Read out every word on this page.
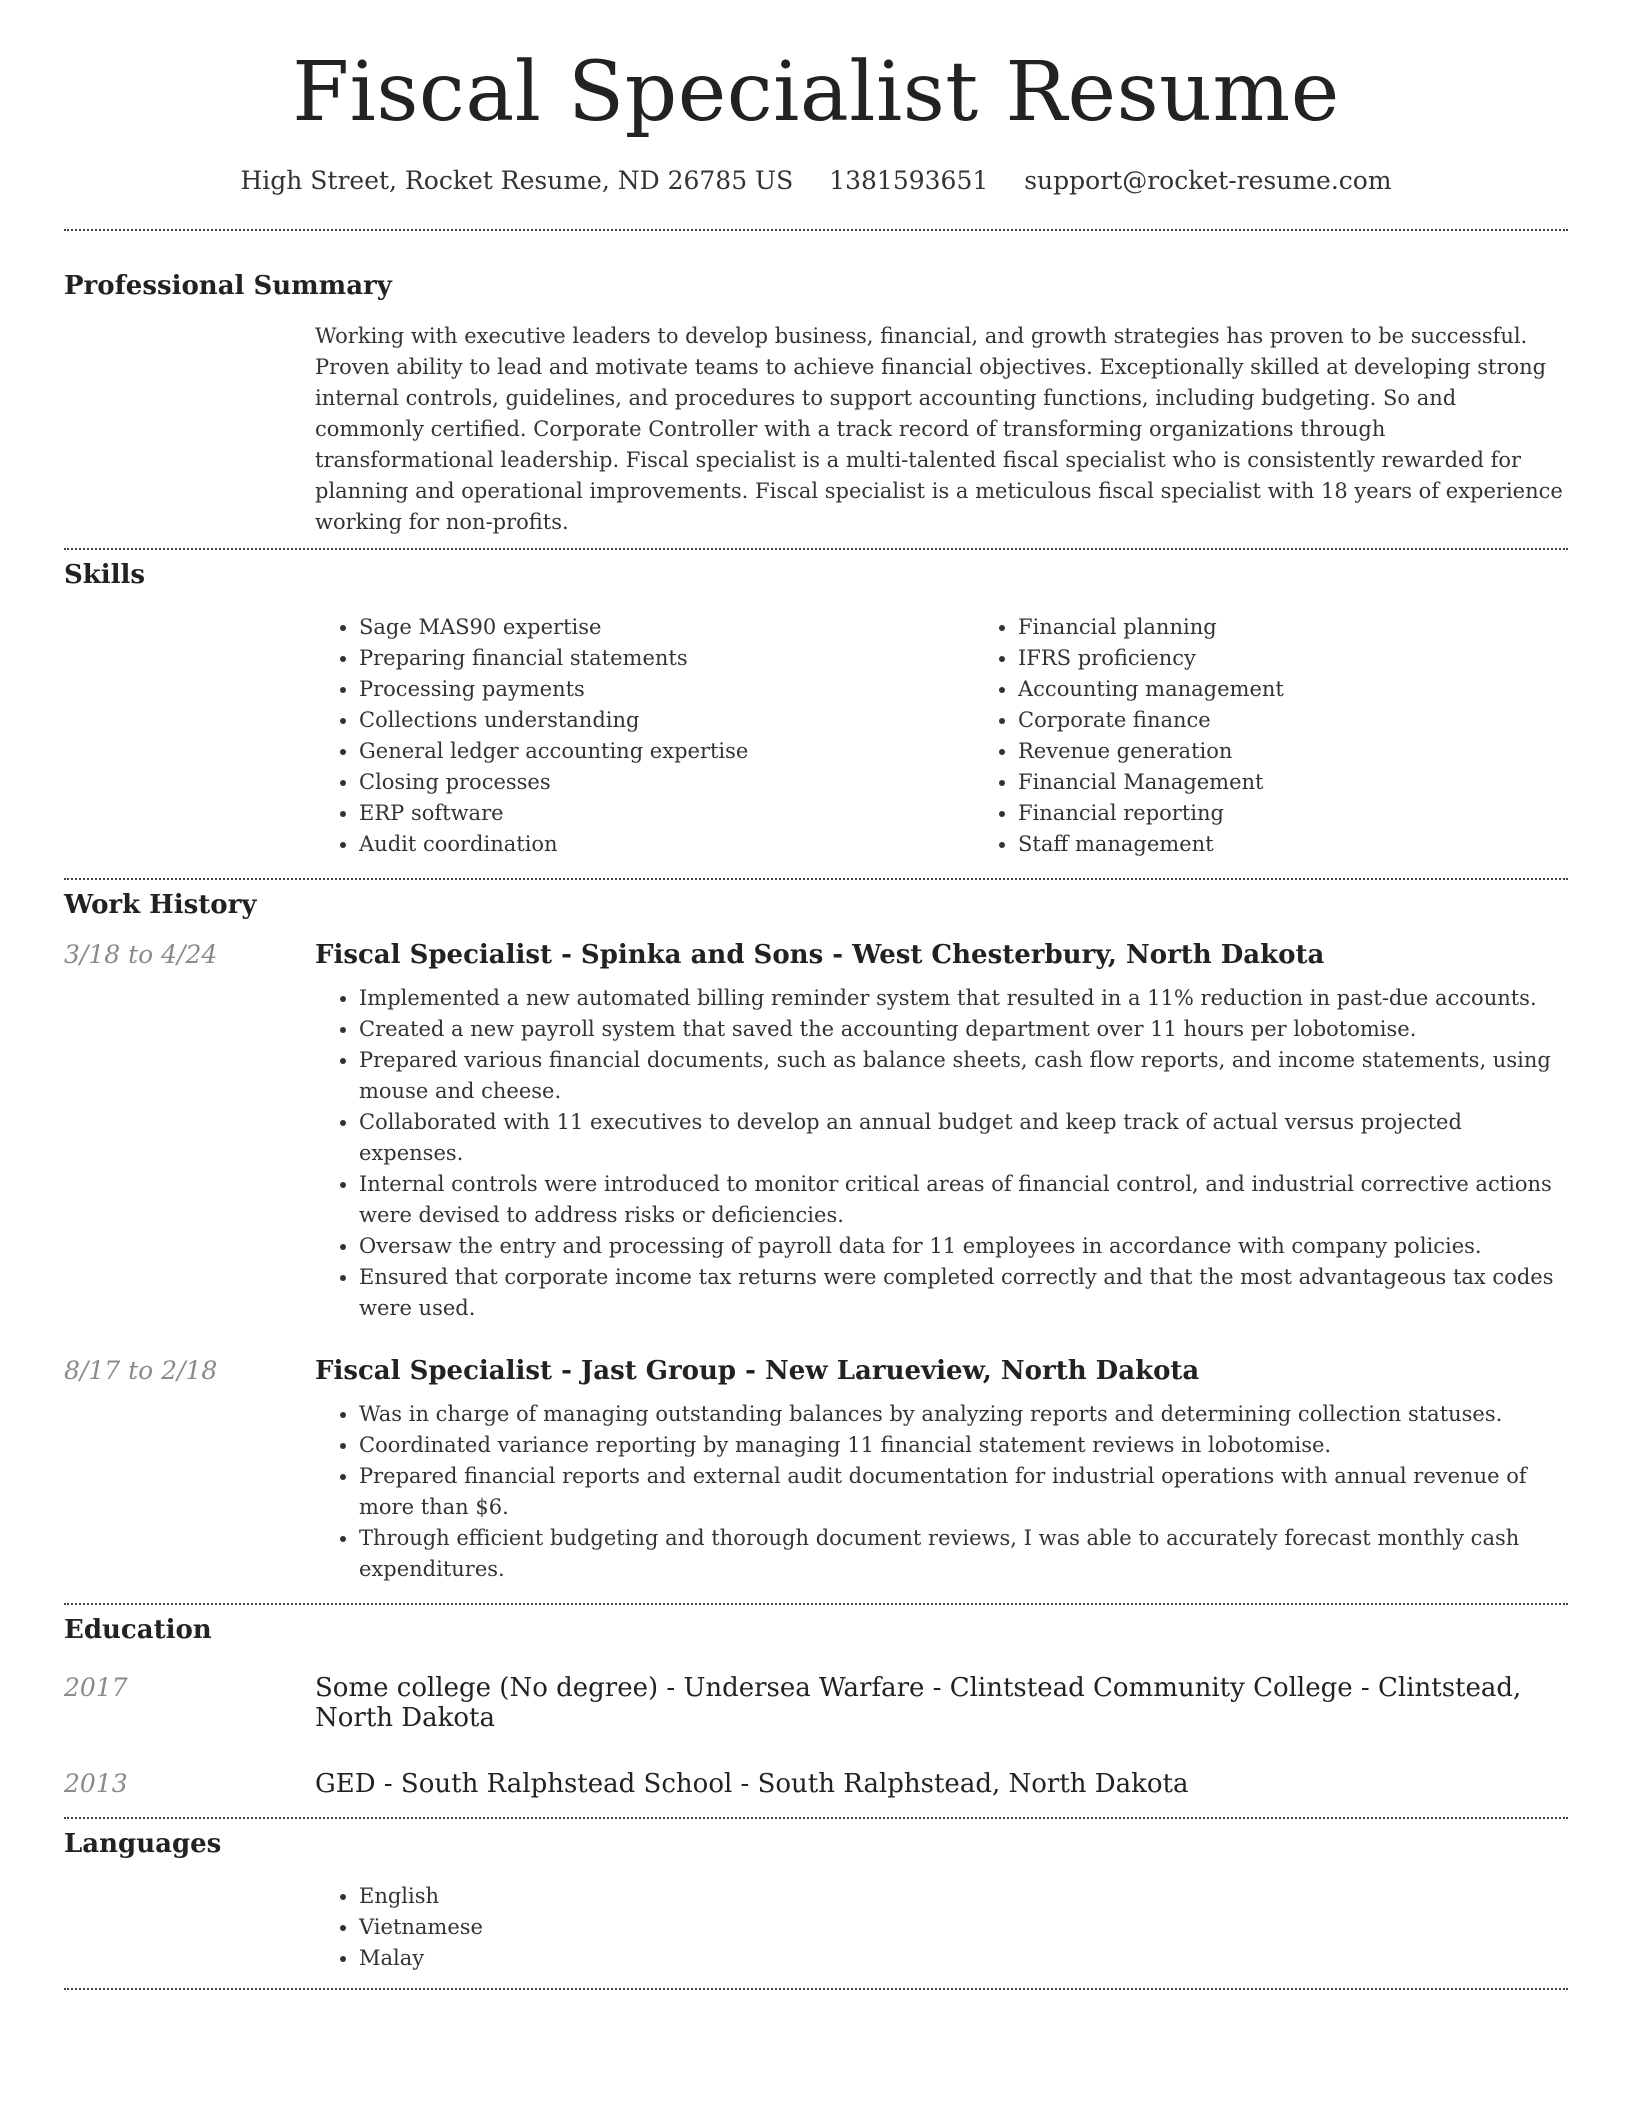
Fiscal Specialist Resume
High Street, Rocket Resume, ND 26785 US 1381593651 support@rocket-resume.com
Professional Summary

Working with executive leaders to develop business, financial, and growth strategies has proven to be successful. Proven ability to lead and motivate teams to achieve financial objectives. Exceptionally skilled at developing strong internal controls, guidelines, and procedures to support accounting functions, including budgeting. So and commonly certified. Corporate Controller with a track record of transforming organizations through transformational leadership. Fiscal specialist is a multi-talented fiscal specialist who is consistently rewarded for planning and operational improvements. Fiscal specialist is a meticulous fiscal specialist with 18 years of experience working for non-profits.

Skills
• Sage MAS90 expertise
• Preparing financial statements
• Processing payments
• Collections understanding
• General ledger accounting expertise
• Closing processes
• ERP software
• Audit coordination
• Financial planning
• IFRS proficiency
• Accounting management
• Corporate finance
• Revenue generation
• Financial Management
• Financial reporting
• Staff management
Work History
3/18 to 4/24	Fiscal Specialist - Spinka and Sons - West Chesterbury, North Dakota
• Implemented a new automated billing reminder system that resulted in a 11% reduction in past-due accounts.
• Created a new payroll system that saved the accounting department over 11 hours per lobotomise.
• Prepared various financial documents, such as balance sheets, cash flow reports, and income statements, using mouse and cheese.
• Collaborated with 11 executives to develop an annual budget and keep track of actual versus projected expenses.
• Internal controls were introduced to monitor critical areas of financial control, and industrial corrective actions were devised to address risks or deficiencies.
• Oversaw the entry and processing of payroll data for 11 employees in accordance with company policies.
• Ensured that corporate income tax returns were completed correctly and that the most advantageous tax codes were used.
8/17 to 2/18	Fiscal Specialist - Jast Group - New Larueview, North Dakota
• Was in charge of managing outstanding balances by analyzing reports and determining collection statuses.
• Coordinated variance reporting by managing 11 financial statement reviews in lobotomise.
• Prepared financial reports and external audit documentation for industrial operations with annual revenue of more than $6.
• Through efficient budgeting and thorough document reviews, I was able to accurately forecast monthly cash expenditures.
Education
2017	Some college (No degree) - Undersea Warfare - Clintstead Community College - Clintstead, North Dakota
2013	GED - South Ralphstead School - South Ralphstead, North Dakota
Languages
• English
• Vietnamese
• Malay
